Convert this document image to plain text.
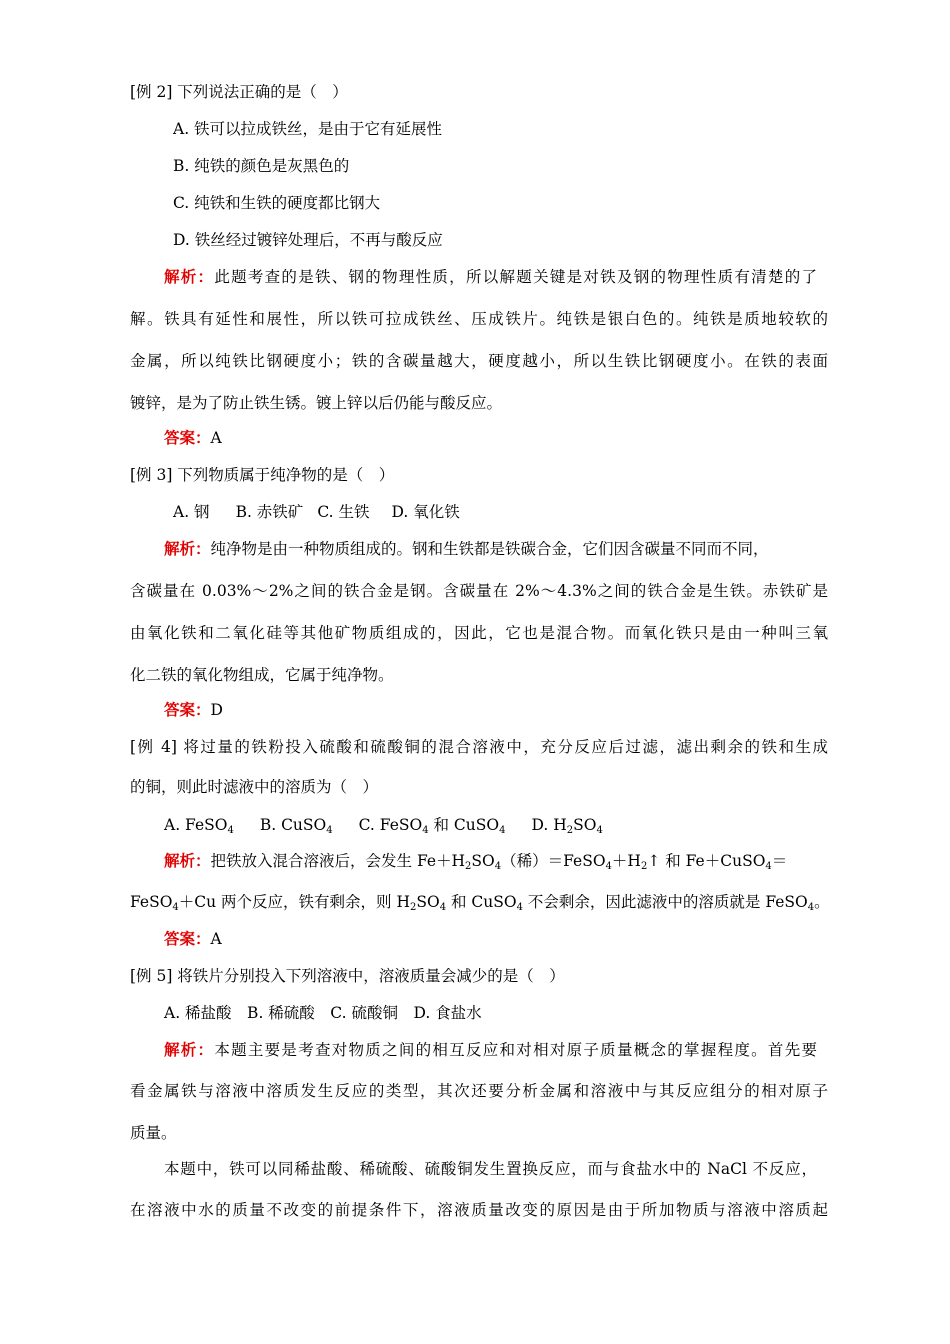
[例 2] 下列说法正确的是（　）
A. 铁可以拉成铁丝，是由于它有延展性
B. 纯铁的颜色是灰黑色的
C. 纯铁和生铁的硬度都比钢大
D. 铁丝经过镀锌处理后，不再与酸反应
解析：此题考查的是铁、钢的物理性质，所以解题关键是对铁及钢的物理性质有清楚的了
解。铁具有延性和展性，所以铁可拉成铁丝、压成铁片。纯铁是银白色的。纯铁是质地较软的
金属，所以纯铁比钢硬度小；铁的含碳量越大，硬度越小，所以生铁比钢硬度小。在铁的表面
镀锌，是为了防止铁生锈。镀上锌以后仍能与酸反应。
答案：A
[例 3] 下列物质属于纯净物的是（　）
A. 钢 B. 赤铁矿 C. 生铁 D. 氧化铁
解析：纯净物是由一种物质组成的。钢和生铁都是铁碳合金，它们因含碳量不同而不同，
含碳量在 0.03%～2%之间的铁合金是钢。含碳量在 2%～4.3%之间的铁合金是生铁。赤铁矿是
由氧化铁和二氧化硅等其他矿物质组成的，因此，它也是混合物。而氧化铁只是由一种叫三氧
化二铁的氧化物组成，它属于纯净物。
答案：D
[例 4] 将过量的铁粉投入硫酸和硫酸铜的混合溶液中，充分反应后过滤，滤出剩余的铁和生成
的铜，则此时滤液中的溶质为（　）
A. FeSO$_4$ B. CuSO$_4$ C. FeSO$_4$ 和 CuSO$_4$ D. $H_2SO_4$
解析：把铁放入混合溶液后，会发生 $Fe+H_2SO_4$（稀）$=FeSO_4+H_2↑$ 和 Fe＋CuSO$_4$＝
FeSO$_4$＋Cu 两个反应，铁有剩余，则 $H_2SO_4$ 和 CuSO$_4$ 不会剩余，因此滤液中的溶质就是 FeSO$_4$。
答案：A
[例 5] 将铁片分别投入下列溶液中，溶液质量会减少的是（　）
A. 稀盐酸　B. 稀硫酸　C. 硫酸铜　D. 食盐水
解析：本题主要是考查对物质之间的相互反应和对相对原子质量概念的掌握程度。首先要
看金属铁与溶液中溶质发生反应的类型，其次还要分析金属和溶液中与其反应组分的相对原子
质量。
本题中，铁可以同稀盐酸、稀硫酸、硫酸铜发生置换反应，而与食盐水中的 NaCl 不反应，
在溶液中水的质量不改变的前提条件下，溶液质量改变的原因是由于所加物质与溶液中溶质起
